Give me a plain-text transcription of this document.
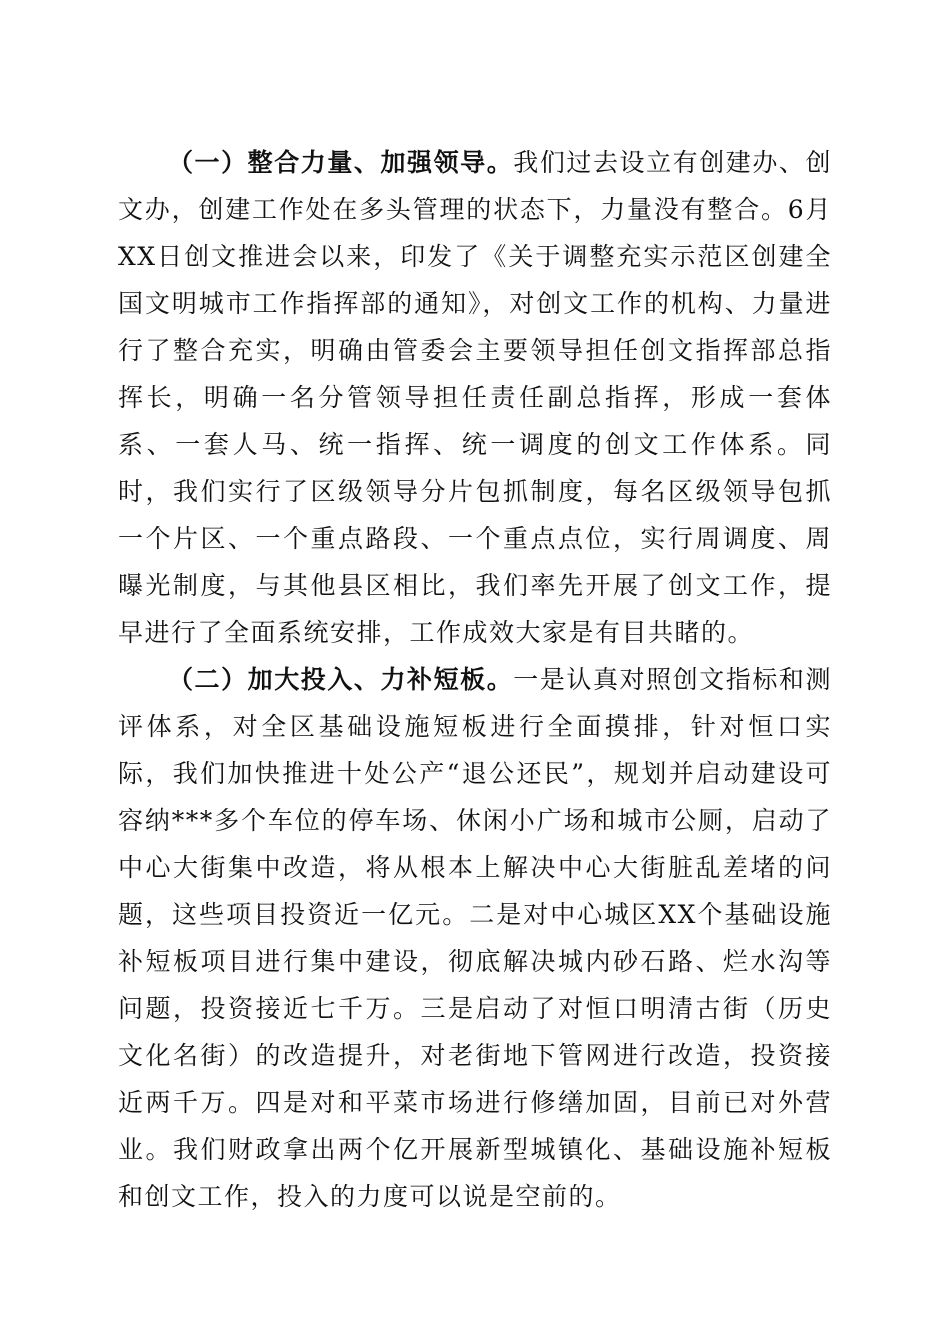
（一）整合力量、加强领导。我们过去设立有创建办、创文办，创建工作处在多头管理的状态下，力量没有整合。6月XX日创文推进会以来，印发了《关于调整充实示范区创建全国文明城市工作指挥部的通知》，对创文工作的机构、力量进行了整合充实，明确由管委会主要领导担任创文指挥部总指挥长，明确一名分管领导担任责任副总指挥，形成一套体系、一套人马、统一指挥、统一调度的创文工作体系。同时，我们实行了区级领导分片包抓制度，每名区级领导包抓一个片区、一个重点路段、一个重点点位，实行周调度、周曝光制度，与其他县区相比，我们率先开展了创文工作，提早进行了全面系统安排，工作成效大家是有目共睹的。

（二）加大投入、力补短板。一是认真对照创文指标和测评体系，对全区基础设施短板进行全面摸排，针对恒口实际，我们加快推进十处公产“退公还民”，规划并启动建设可容纳***多个车位的停车场、休闲小广场和城市公厕，启动了中心大街集中改造，将从根本上解决中心大街脏乱差堵的问题，这些项目投资近一亿元。二是对中心城区XX个基础设施补短板项目进行集中建设，彻底解决城内砂石路、烂水沟等问题，投资接近七千万。三是启动了对恒口明清古街（历史文化名街）的改造提升，对老街地下管网进行改造，投资接近两千万。四是对和平菜市场进行修缮加固，目前已对外营业。我们财政拿出两个亿开展新型城镇化、基础设施补短板和创文工作，投入的力度可以说是空前的。
